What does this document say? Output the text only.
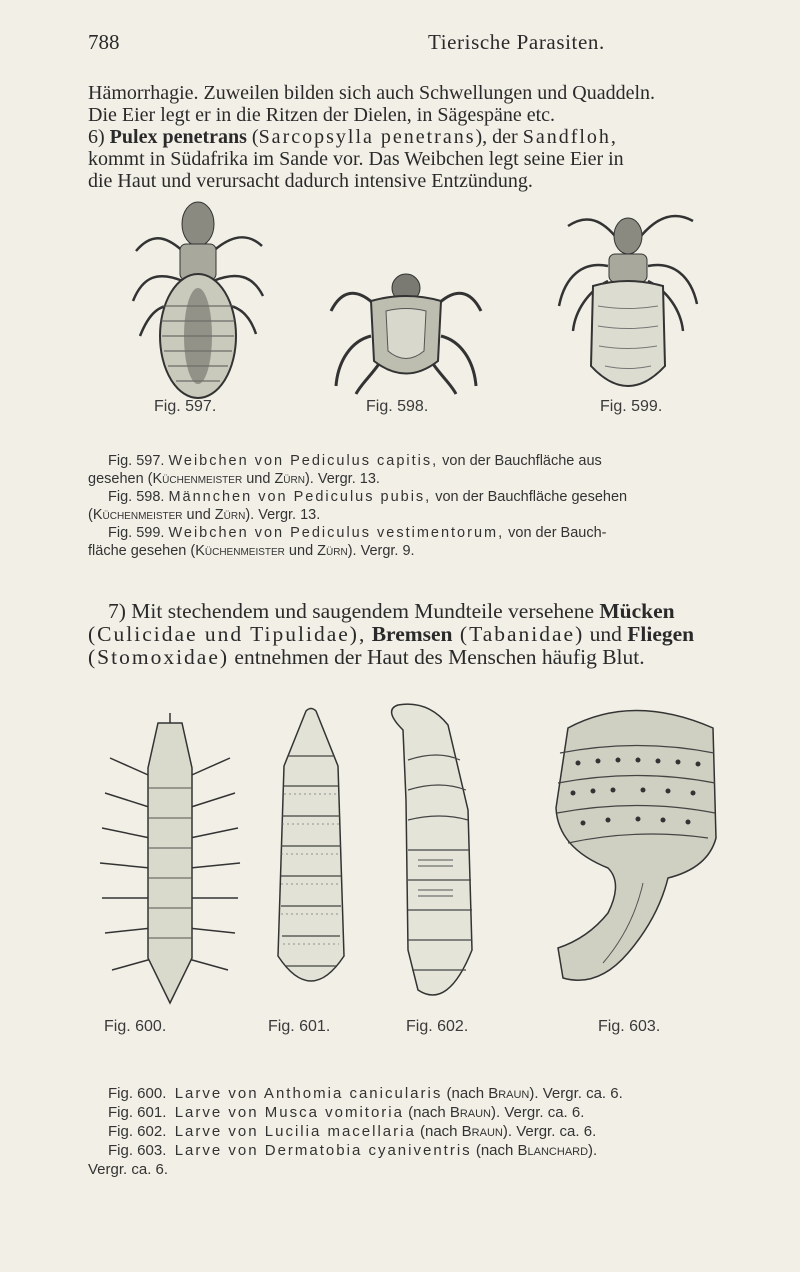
788	Tierische Parasiten.
Hämorrhagie. Zuweilen bilden sich auch Schwellungen und Quaddeln.
Die Eier legt er in die Ritzen der Dielen, in Sägespäne etc.
6) Pulex penetrans (Sarcopsylla penetrans), der Sandfloh,
kommt in Südafrika im Sande vor. Das Weibchen legt seine Eier in
die Haut und verursacht dadurch intensive Entzündung.
Fig. 597.	Fig. 598.	Fig. 599.
Fig. 597. Weibchen von Pediculus capitis, von der Bauchfläche aus
gesehen (Küchenmeister und Zürn). Vergr. 13.
Fig. 598. Männchen von Pediculus pubis, von der Bauchfläche gesehen
(Küchenmeister und Zürn). Vergr. 13.
Fig. 599. Weibchen von Pediculus vestimentorum, von der Bauch-
fläche gesehen (Küchenmeister und Zürn). Vergr. 9.
7) Mit stechendem und saugendem Mundteile versehene Mücken
(Culicidae und Tipulidae), Bremsen (Tabanidae) und Fliegen
(Stomoxidae) entnehmen der Haut des Menschen häufig Blut.
Fig. 600.	Fig. 601.	Fig. 602.	Fig. 603.
Fig. 600. Larve von Anthomia canicularis (nach Braun). Vergr. ca. 6.
Fig. 601. Larve von Musca vomitoria (nach Braun). Vergr. ca. 6.
Fig. 602. Larve von Lucilia macellaria (nach Braun). Vergr. ca. 6.
Fig. 603. Larve von Dermatobia cyaniventris (nach Blanchard).
Vergr. ca. 6.
